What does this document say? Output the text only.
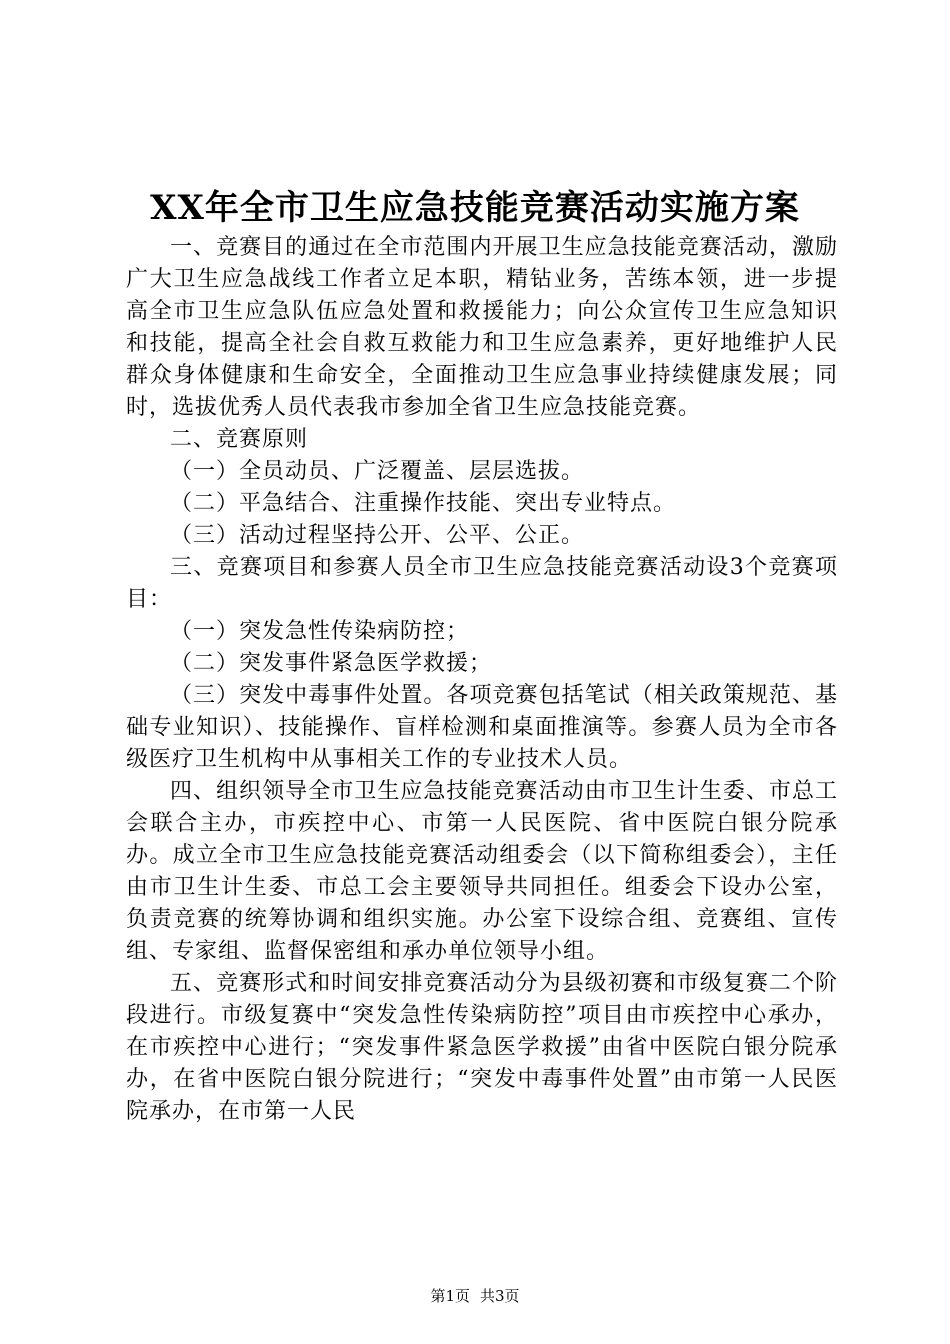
XX年全市卫生应急技能竞赛活动实施方案

一、竞赛目的通过在全市范围内开展卫生应急技能竞赛活动，激励广大卫生应急战线工作者立足本职，精钻业务，苦练本领，进一步提高全市卫生应急队伍应急处置和救援能力；向公众宣传卫生应急知识和技能，提高全社会自救互救能力和卫生应急素养，更好地维护人民群众身体健康和生命安全，全面推动卫生应急事业持续健康发展；同时，选拔优秀人员代表我市参加全省卫生应急技能竞赛。

二、竞赛原则

（一）全员动员、广泛覆盖、层层选拔。

（二）平急结合、注重操作技能、突出专业特点。

（三）活动过程坚持公开、公平、公正。

三、竞赛项目和参赛人员全市卫生应急技能竞赛活动设3个竞赛项目：

（一）突发急性传染病防控；

（二）突发事件紧急医学救援；

（三）突发中毒事件处置。各项竞赛包括笔试（相关政策规范、基础专业知识）、技能操作、盲样检测和桌面推演等。参赛人员为全市各级医疗卫生机构中从事相关工作的专业技术人员。

四、组织领导全市卫生应急技能竞赛活动由市卫生计生委、市总工会联合主办，市疾控中心、市第一人民医院、省中医院白银分院承办。成立全市卫生应急技能竞赛活动组委会（以下简称组委会），主任由市卫生计生委、市总工会主要领导共同担任。组委会下设办公室，负责竞赛的统筹协调和组织实施。办公室下设综合组、竞赛组、宣传组、专家组、监督保密组和承办单位领导小组。

五、竞赛形式和时间安排竞赛活动分为县级初赛和市级复赛二个阶段进行。市级复赛中“突发急性传染病防控”项目由市疾控中心承办，在市疾控中心进行；“突发事件紧急医学救援”由省中医院白银分院承办，在省中医院白银分院进行；“突发中毒事件处置”由市第一人民医院承办，在市第一人民

第1页 共3页
